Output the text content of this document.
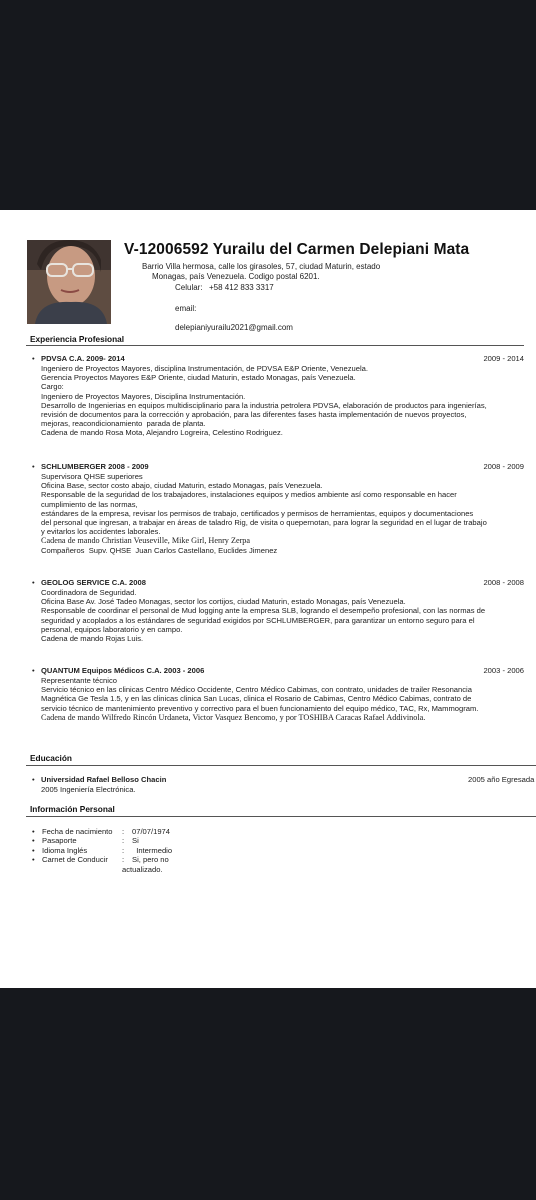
V-12006592 Yurailu del Carmen Delepiani Mata
Barrio Villa hermosa, calle los girasoles, 57, ciudad Maturin, estado
Monagas, país Venezuela. Codigo postal 6201.
Celular: +58 412 833 3317
email:
delepianiyurailu2021@gmail.com
Experiencia Profesional
• PDVSA C.A. 2009- 2014	2009 - 2014
Ingeniero de Proyectos Mayores, disciplina Instrumentación, de PDVSA E&P Oriente, Venezuela.
Gerencia Proyectos Mayores E&P Oriente, ciudad Maturin, estado Monagas, país Venezuela.
Cargo:
Ingeniero de Proyectos Mayores, Disciplina Instrumentación.
Desarrollo de Ingenierias en equipos multidisciplinario para la industria petrolera PDVSA, elaboración de productos para ingenierías,
revisión de documentos para la corrección y aprobación, para las diferentes fases hasta implementación de nuevos proyectos,
mejoras, reacondicionamiento  parada de planta.
Cadena de mando Rosa Mota, Alejandro Logreira, Celestino Rodriguez.
• SCHLUMBERGER 2008 - 2009	2008 - 2009
Supervisora QHSE superiores
Oficina Base, sector costo abajo, ciudad Maturin, estado Monagas, país Venezuela.
Responsable de la seguridad de los trabajadores, instalaciones equipos y medios ambiente así como responsable en hacer
cumplimiento de las normas,
estándares de la empresa, revisar los permisos de trabajo, certificados y permisos de herramientas, equipos y documentaciones
del personal que ingresan, a trabajar en áreas de taladro Rig, de visita o quepernotan, para lograr la seguridad en el lugar de trabajo
y evitarlos los accidentes laborales.
Cadena de mando Christian Veuseville, Mike Girl, Henry Zerpa
Compañeros  Supv. QHSE  Juan Carlos Castellano, Euclides Jimenez
• GEOLOG SERVICE C.A. 2008	2008 - 2008
Coordinadora de Seguridad.
Oficina Base Av. José Tadeo Monagas, sector los cortijos, ciudad Maturin, estado Monagas, país Venezuela.
Responsable de coordinar el personal de Mud logging ante la empresa SLB, logrando el desempeño profesional, con las normas de
seguridad y acoplados a los estándares de seguridad exigidos por SCHLUMBERGER, para garantizar un entorno seguro para el
personal, equipos laboratorio y en campo.
Cadena de mando Rojas Luis.
• QUANTUM Equipos Médicos C.A. 2003 - 2006	2003 - 2006
Representante técnico
Servicio técnico en las clinicas Centro Médico Occidente, Centro Médico Cabimas, con contrato, unidades de trailer Resonancia
Magnética Ge Tesla 1.5, y en las clinicas clinica San Lucas, clinica el Rosario de Cabimas, Centro Médico Cabimas, contrato de
servicio técnico de mantenimiento preventivo y correctivo para el buen funcionamiento del equipo médico, TAC, Rx, Mammogram.
Cadena de mando Wilfredo Rincón Urdaneta, Victor Vasquez Bencomo, y por TOSHIBA Caracas Rafael Addivinola.
Educación
• Universidad Rafael Belloso Chacin	2005 año Egresada
2005 Ingeniería Electrónica.
Información Personal
• Fecha de nacimiento : 07/07/1974
• Pasaporte	: Si
• Idioma Inglés	: Intermedio
• Carnet de Conducir : Si, pero no
actualizado.
